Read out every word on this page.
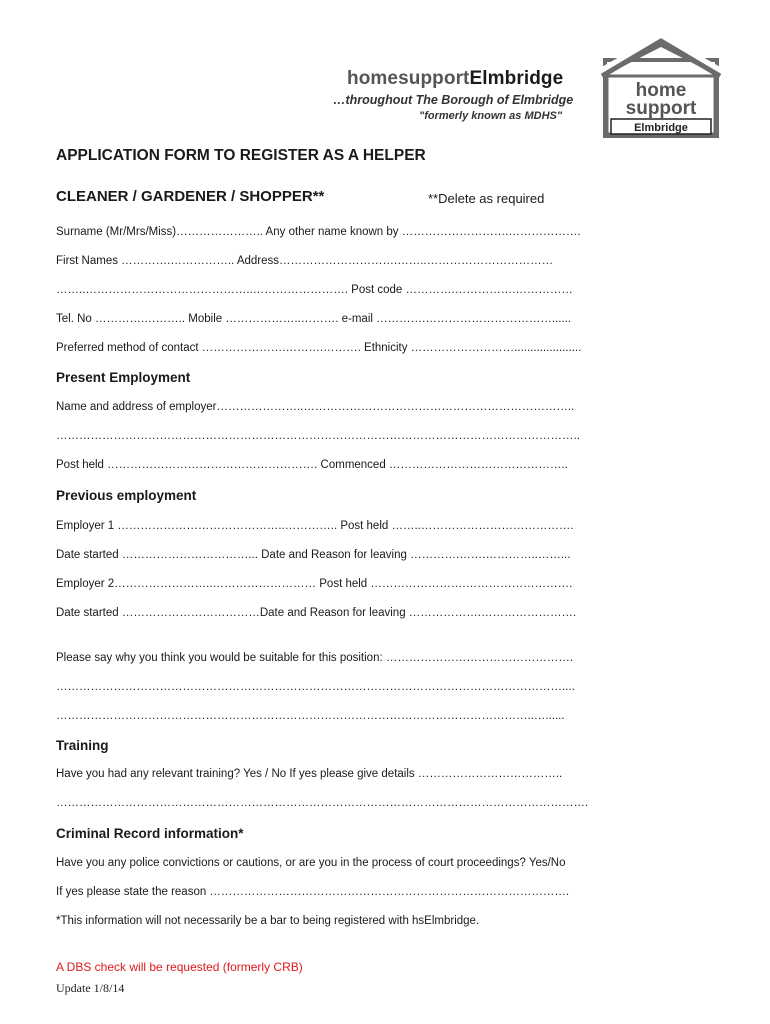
homesupportElmbridge
…throughout The Borough of Elmbridge
"formerly known as MDHS"
home
support
Elmbridge
APPLICATION FORM TO REGISTER AS A HELPER
CLEANER / GARDENER / SHOPPER**	**Delete as required
Surname (Mr/Mrs/Miss)………………….. Any other name known by ……………………….……………….
First Names ………….…………….. Address………………………….……..……………………………
……..……………………………………..……………………. Post code ………….…………….……………
Tel. No ………….……….. Mobile ………………..………. e-mail ………….……………………………......
Preferred method of contact ………………….……….………. Ethnicity ……………………….....................
Present Employment
Name and address of employer…………………..……………………………………………………………..
………………………………………………………………………………………………………………………..
Post held ………………………………………………. Commenced ………………………………………..
Previous employment
Employer 1 ……………………………………..………….. Post held ……..………………………………….
Date started ……………………………... Date and Reason for leaving ………….…….…………..……...
Employer 2……………………..……………………… Post held …………………….……………………….
Date started ………………………………Date and Reason for leaving ……………….…………………….
Please say why you think you would be suitable for this position: ………………………………………….
……………………………………………………………………………………………………………………....
……………………………………………………………………………………………………………..…......
Training
Have you had any relevant training? Yes / No If yes please give details ………………………………..
………………………………………………………………………………………………………………………….
Criminal Record information*
Have you any police convictions or cautions, or are you in the process of court proceedings? Yes/No
If yes please state the reason ………………………………………………………………………………….
*This information will not necessarily be a bar to being registered with hsElmbridge.
A DBS check will be requested (formerly CRB)
Update 1/8/14
